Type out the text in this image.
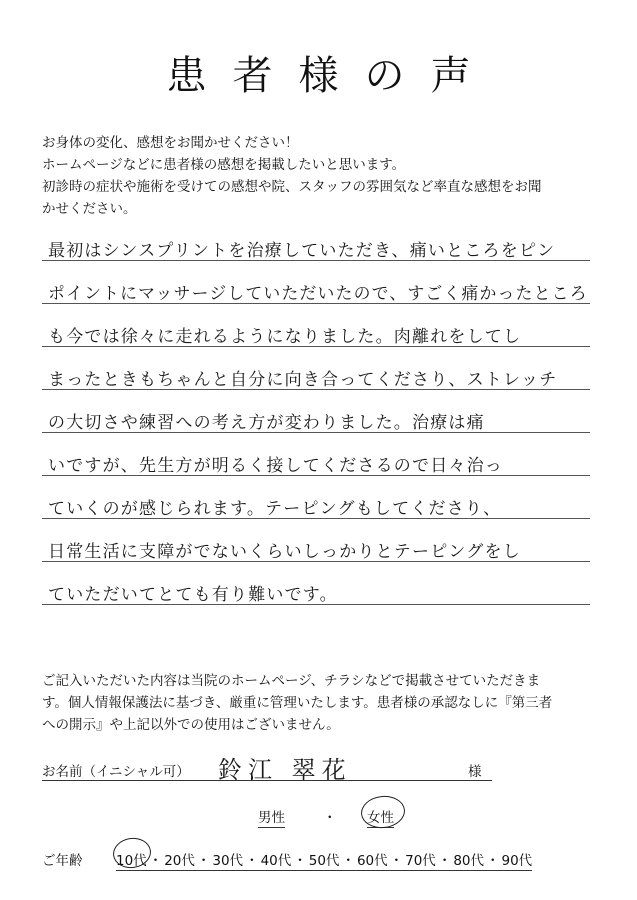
患者様の声

お身体の変化、感想をお聞かせください！

ホームページなどに患者様の感想を掲載したいと思います。

初診時の症状や施術を受けての感想や院、スタッフの雰囲気など率直な感想をお聞

かせください。

最初はシンスプリントを治療していただき、痛いところをピン
ポイントにマッサージしていただいたので、すごく痛かったところ
も今では徐々に走れるようになりました。肉離れをしてし
まったときもちゃんと自分に向き合ってくださり、ストレッチ
の大切さや練習への考え方が変わりました。治療は痛
いですが、先生方が明るく接してくださるので日々治っ
ていくのが感じられます。テーピングもしてくださり、
日常生活に支障がでないくらいしっかりとテーピングをし
ていただいてとても有り難いです。

ご記入いただいた内容は当院のホームページ、チラシなどで掲載させていただきま

す。個人情報保護法に基づき、厳重に管理いたします。患者様の承認なしに『第三者

への開示』や上記以外での使用はございません。

お名前（イニシャル可） 鈴江 翠花	様
男性	・ 女性
ご年齢 10代 ・ 20代 ・ 30代 ・ 40代 ・ 50代 ・ 60代 ・ 70代 ・ 80代 ・ 90代
